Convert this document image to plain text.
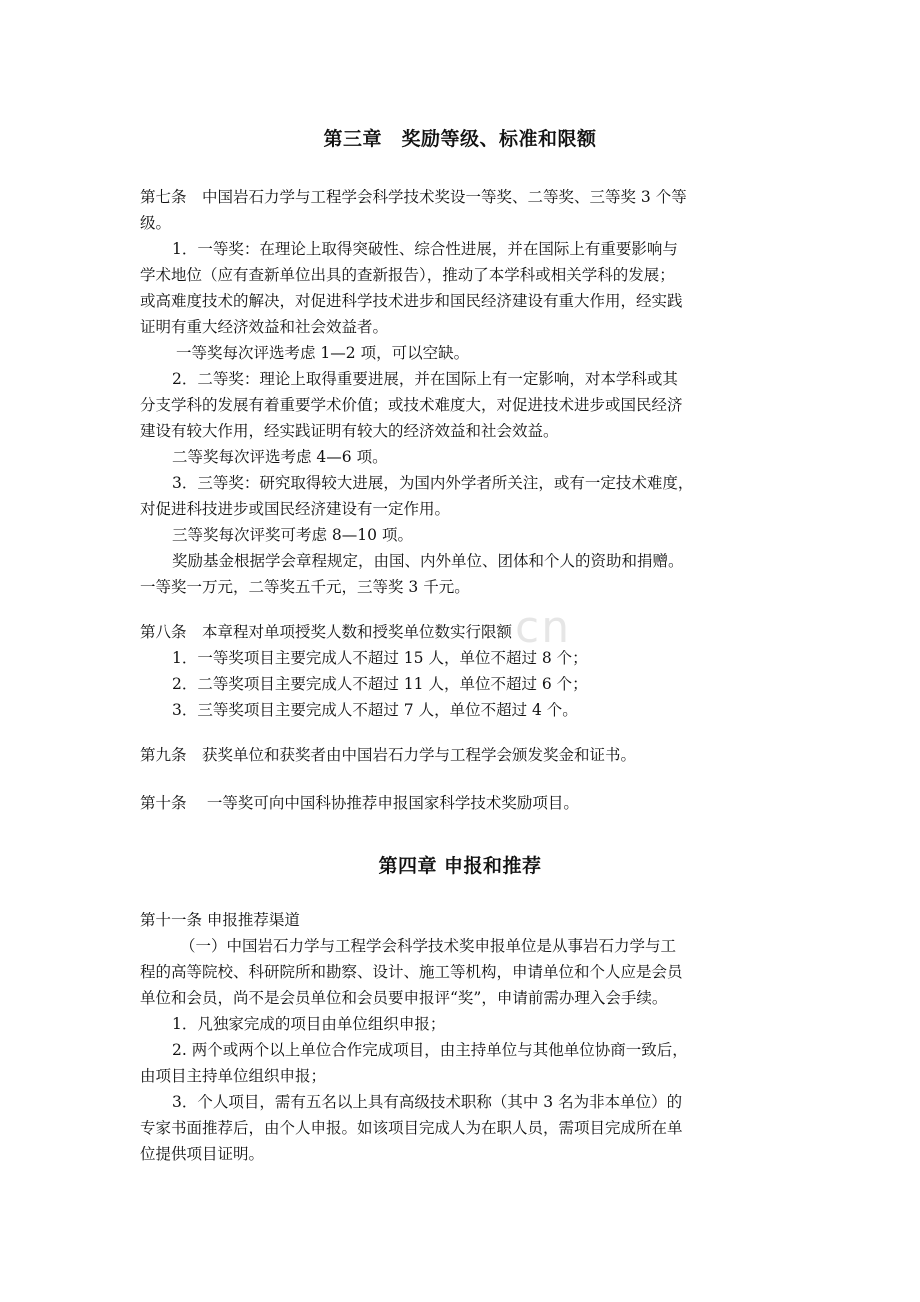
第三章　奖励等级、标准和限额
第七条　中国岩石力学与工程学会科学技术奖设一等奖、二等奖、三等奖 3 个等
级。
1．一等奖：在理论上取得突破性、综合性进展，并在国际上有重要影响与
学术地位（应有查新单位出具的查新报告），推动了本学科或相关学科的发展；
或高难度技术的解决，对促进科学技术进步和国民经济建设有重大作用，经实践
证明有重大经济效益和社会效益者。
一等奖每次评选考虑 1—2 项，可以空缺。
2．二等奖：理论上取得重要进展，并在国际上有一定影响，对本学科或其
分支学科的发展有着重要学术价值；或技术难度大，对促进技术进步或国民经济
建设有较大作用，经实践证明有较大的经济效益和社会效益。
二等奖每次评选考虑 4—6 项。
3．三等奖：研究取得较大进展，为国内外学者所关注，或有一定技术难度，
对促进科技进步或国民经济建设有一定作用。
三等奖每次评奖可考虑 8—10 项。
奖励基金根据学会章程规定，由国、内外单位、团体和个人的资助和捐赠。
一等奖一万元，二等奖五千元，三等奖 3 千元。
第八条　本章程对单项授奖人数和授奖单位数实行限额
1．一等奖项目主要完成人不超过 15 人，单位不超过 8 个；
2．二等奖项目主要完成人不超过 11 人，单位不超过 6 个；
3．三等奖项目主要完成人不超过 7 人，单位不超过 4 个。
第九条　获奖单位和获奖者由中国岩石力学与工程学会颁发奖金和证书。
第十条　 一等奖可向中国科协推荐申报国家科学技术奖励项目。
第四章 申报和推荐
第十一条 申报推荐渠道
（一）中国岩石力学与工程学会科学技术奖申报单位是从事岩石力学与工
程的高等院校、科研院所和勘察、设计、施工等机构，申请单位和个人应是会员
单位和会员，尚不是会员单位和会员要申报评“奖”，申请前需办理入会手续。
1．凡独家完成的项目由单位组织申报；
2. 两个或两个以上单位合作完成项目，由主持单位与其他单位协商一致后，
由项目主持单位组织申报；
3．个人项目，需有五名以上具有高级技术职称（其中 3 名为非本单位）的
专家书面推荐后，由个人申报。如该项目完成人为在职人员，需项目完成所在单
位提供项目证明。
cn
